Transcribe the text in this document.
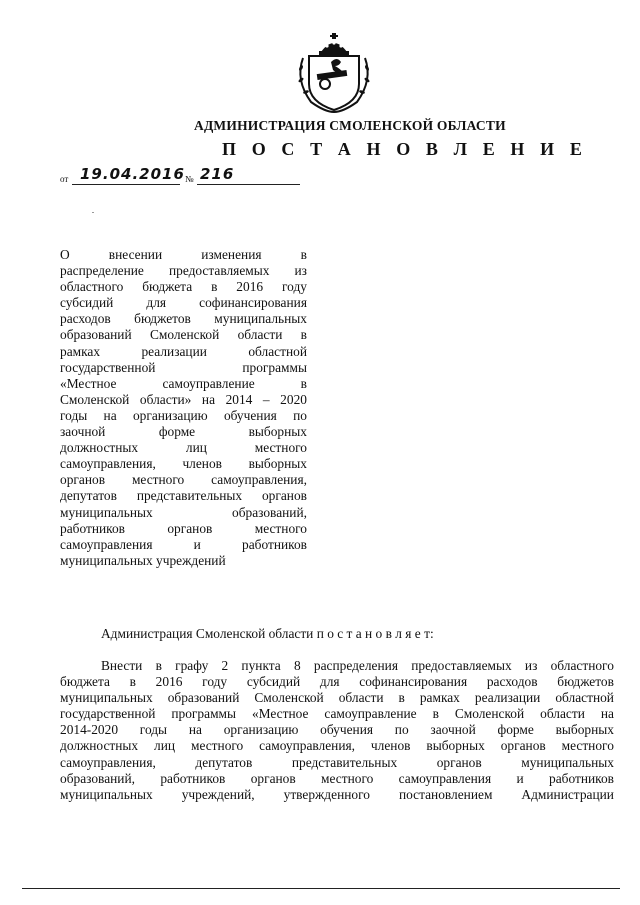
АДМИНИСТРАЦИЯ СМОЛЕНСКОЙ ОБЛАСТИ
П О С Т А Н О В Л Е Н И Е
от 19.04.2016 № 216
О	внесении	изменения	в
распределение предоставляемых из
областного бюджета в 2016 году
субсидий для софинансирования
расходов бюджетов муниципальных
образований Смоленской области в
рамках	реализации	областной
государственной	программы
«Местное	самоуправление	в
Смоленской области» на 2014 – 2020
годы на организацию обучения по
заочной	форме	выборных
должностных	лиц	местного
самоуправления, членов выборных
органов местного самоуправления,
депутатов представительных органов
муниципальных	образований,
работников	органов	местного
самоуправления	и	работников
муниципальных учреждений
Администрация Смоленской области п о с т а н о в л я е т:
Внести в графу 2 пункта 8 распределения предоставляемых из областного
бюджета в 2016 году субсидий для софинансирования расходов бюджетов
муниципальных образований Смоленской области в рамках реализации областной
государственной программы «Местное самоуправление в Смоленской области на
2014-2020 годы на организацию обучения по заочной форме выборных
должностных лиц местного самоуправления, членов выборных органов местного
самоуправления,	депутатов	представительных	органов	муниципальных
образований, работников органов местного самоуправления и работников
муниципальных учреждений, утвержденного постановлением Администрации
